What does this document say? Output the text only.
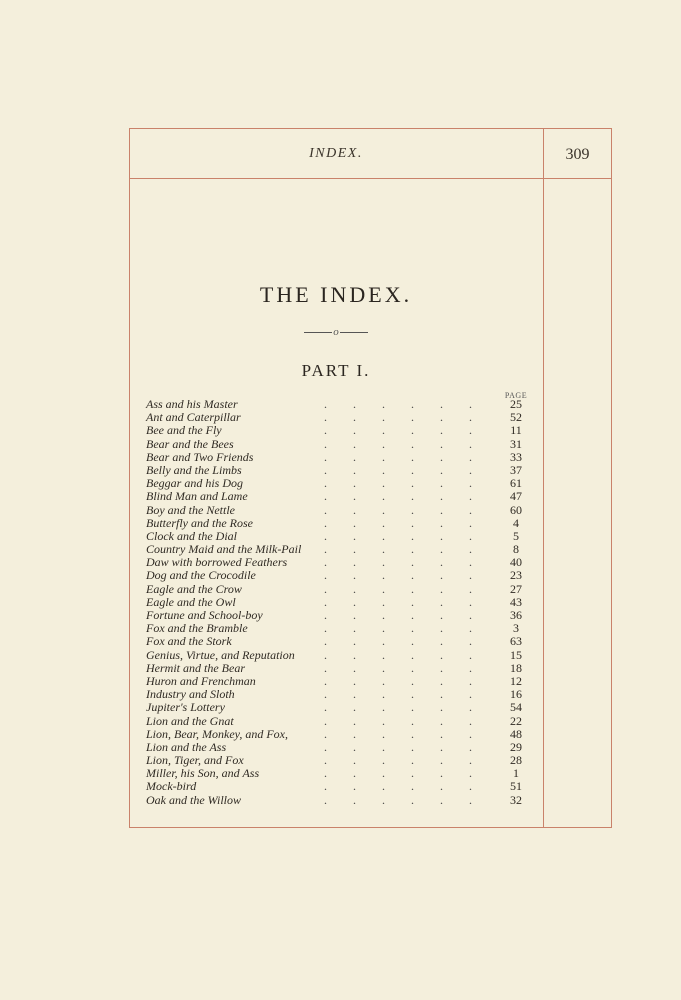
INDEX.	309
THE INDEX.
o
PART I.
PAGE
Ass and his Master	. . . . . .	25
Ant and Caterpillar	. . . . . .	52
Bee and the Fly	. . . . . .	11
Bear and the Bees	. . . . . .	31
Bear and Two Friends	. . . . . .	33
Belly and the Limbs	. . . . . .	37
Beggar and his Dog	. . . . . .	61
Blind Man and Lame	. . . . . .	47
Boy and the Nettle	. . . . . .	60
Butterfly and the Rose	. . . . . .	4
Clock and the Dial	. . . . . .	5
Country Maid and the Milk-Pail . . . . . .	8
Daw with borrowed Feathers	. . . . . .	40
Dog and the Crocodile	. . . . . .	23
Eagle and the Crow	. . . . . .	27
Eagle and the Owl	. . . . . .	43
Fortune and School-boy	. . . . . .	36
Fox and the Bramble	. . . . . .	3
Fox and the Stork	. . . . . .	63
Genius, Virtue, and Reputation . . . . . .	15
Hermit and the Bear	. . . . . .	18
Huron and Frenchman	. . . . . .	12
Industry and Sloth	. . . . . .	16
Jupiter's Lottery	. . . . . .	54
Lion and the Gnat	. . . . . .	22
Lion, Bear, Monkey, and Fox,	. . . . . .	48
Lion and the Ass	. . . . . .	29
Lion, Tiger, and Fox	. . . . . .	28
Miller, his Son, and Ass	. . . . . .	1
Mock-bird	. . . . . .	51
Oak and the Willow	. . . . . .	32
